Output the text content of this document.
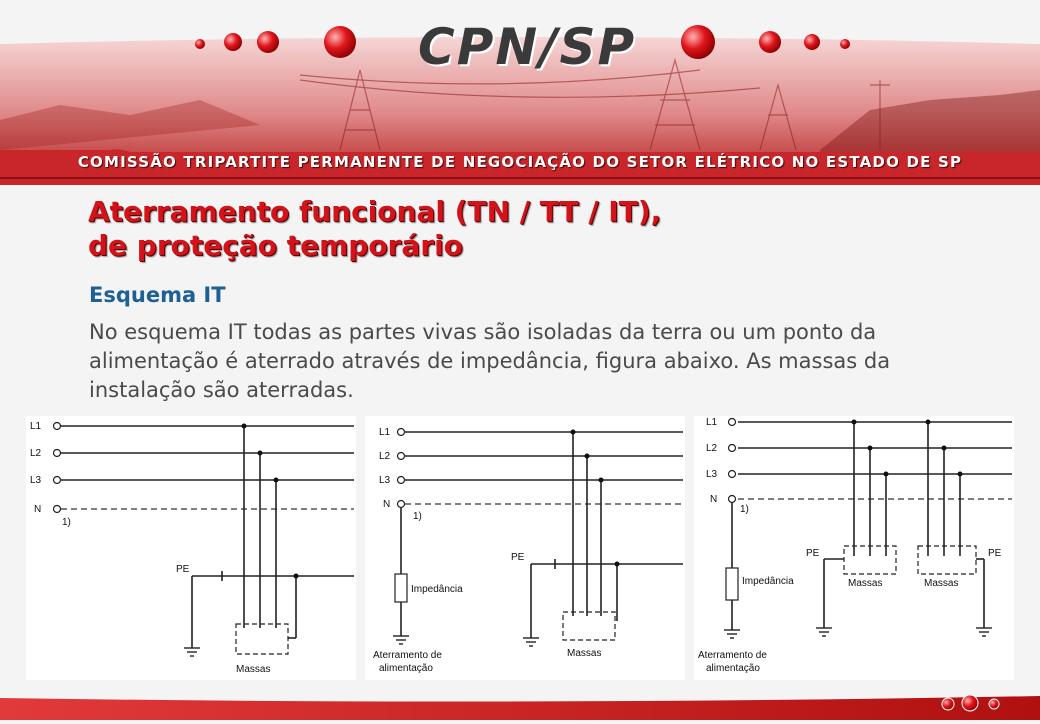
CPN/SP
COMISSÃO TRIPARTITE PERMANENTE DE NEGOCIAÇÃO DO SETOR ELÉTRICO NO ESTADO DE SP
Aterramento funcional (TN / TT / IT),
de proteção temporário
Esquema IT
No esquema IT todas as partes vivas são isoladas da terra ou um ponto da alimentação é aterrado através de impedância, figura abaixo. As massas da instalação são aterradas.
L1
L2
L3
N
1)
PE
Massas
L1
L2
L3
N
1)
PE
Impedância
Aterramento de
alimentação
Massas
L1
L2
L3
N
1)
PE	PE
Impedância	Massas	Massas
Aterramento de
alimentação
